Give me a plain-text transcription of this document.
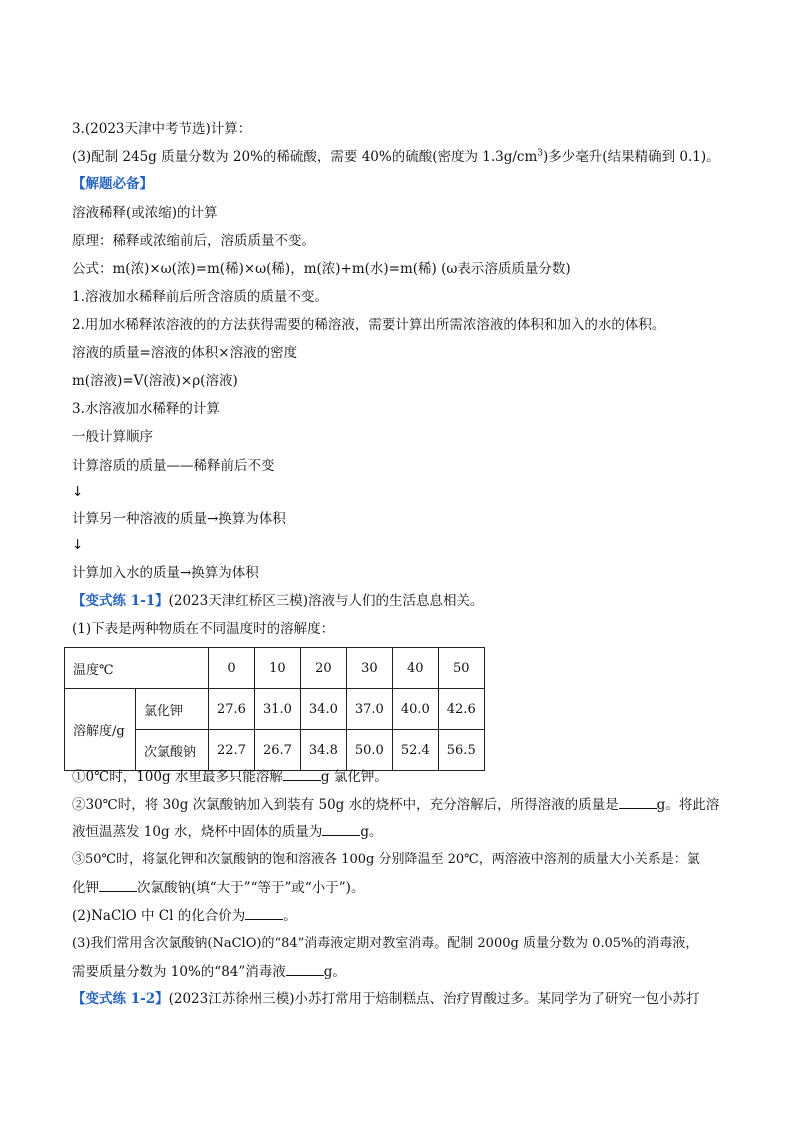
3.(2023天津中考节选)计算：
(3)配制 245g 质量分数为 20%的稀硫酸，需要 40%的硫酸(密度为 $1.3g/cm^3$)多少毫升(结果精确到 0.1)。
【解题必备】
溶液稀释(或浓缩)的计算
原理：稀释或浓缩前后，溶质质量不变。
公式：m(浓)×ω(浓)=m(稀)×ω(稀)，m(浓)+m(水)=m(稀) (ω表示溶质质量分数)
1.溶液加水稀释前后所含溶质的质量不变。
2.用加水稀释浓溶液的的方法获得需要的稀溶液，需要计算出所需浓溶液的体积和加入的水的体积。
溶液的质量=溶液的体积×溶液的密度
m(溶液)=V(溶液)×ρ(溶液)
3.水溶液加水稀释的计算
一般计算顺序
计算溶质的质量——稀释前后不变
↓
计算另一种溶液的质量→换算为体积
↓
计算加入水的质量→换算为体积
【变式练 1-1】(2023天津红桥区三模)溶液与人们的生活息息相关。
(1)下表是两种物质在不同温度时的溶解度：
温度℃		0	10	20	30	40	50
溶解度/g	氯化钾	27.6	31.0	34.0	37.0	40.0	42.6
	次氯酸钠	22.7	26.7	34.8	50.0	52.4	56.5
①0℃时，100g 水里最多只能溶解	g 氯化钾。
②30℃时，将 30g 次氯酸钠加入到装有 50g 水的烧杯中，充分溶解后，所得溶液的质量是	g。将此溶
液恒温蒸发 10g 水，烧杯中固体的质量为	g。
③50℃时，将氯化钾和次氯酸钠的饱和溶液各 100g 分别降温至 20℃，两溶液中溶剂的质量大小关系是：氯
化钾	次氯酸钠(填“大于”“等于”或“小于”)。
(2)NaClO 中 Cl 的化合价为	。
(3)我们常用含次氯酸钠(NaClO)的“84”消毒液定期对教室消毒。配制 2000g 质量分数为 0.05%的消毒液，
需要质量分数为 10%的“84”消毒液	g。
【变式练 1-2】(2023江苏徐州三模)小苏打常用于焙制糕点、治疗胃酸过多。某同学为了研究一包小苏打
